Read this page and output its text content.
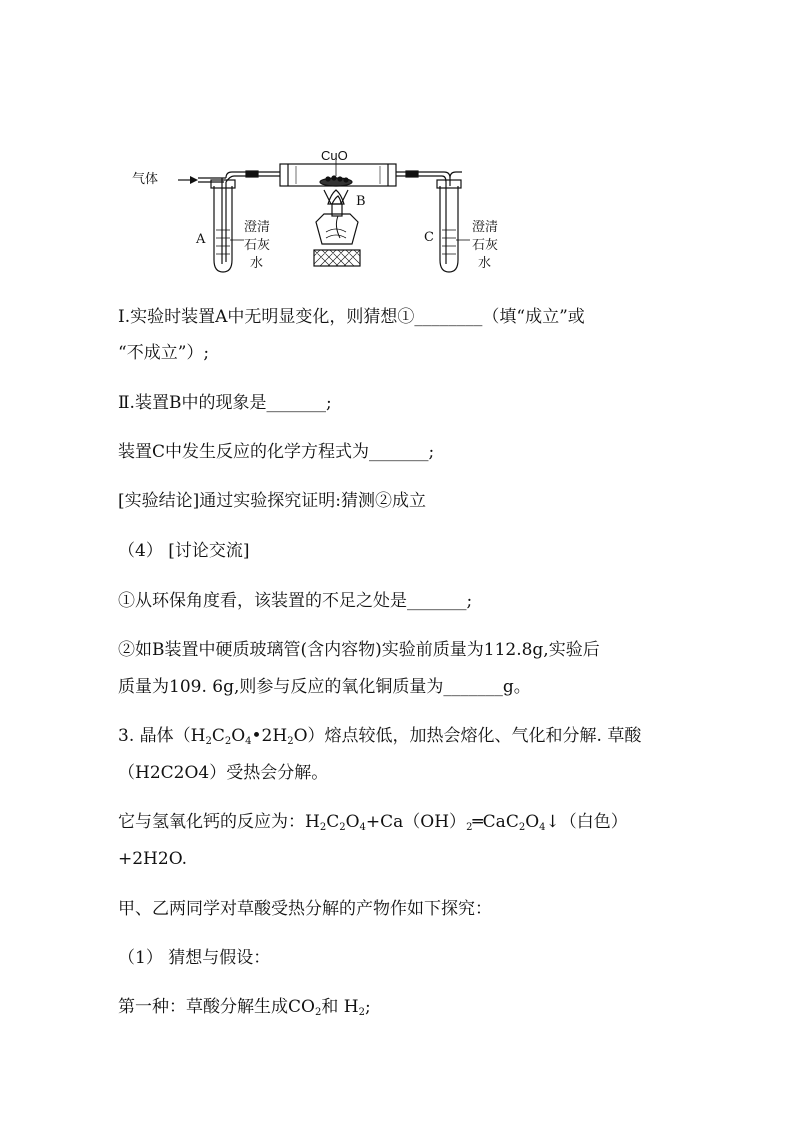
气体
CuO
A
B
C
澄清
石灰
水
澄清
石灰
水
I.实验时装置A中无明显变化，则猜想①________（填“成立”或
“不成立”）;
Ⅱ.装置B中的现象是_______;
装置C中发生反应的化学方程式为_______;
[实验结论]通过实验探究证明:猜测②成立
（4） [讨论交流]
①从环保角度看，该装置的不足之处是_______;
②如B装置中硬质玻璃管(含内容物)实验前质量为112.8g,实验后
质量为109. 6g,则参与反应的氧化铜质量为_______g。
3. 晶体$(H_2C_2O_4•2H_2O)$熔点较低，加热会熔化、气化和分解. 草酸
（H2C2O4）受热会分解。
它与氢氧化钙的反应为：$H_2C_2O_4+Ca(OH)_2═CaC_2O_4↓$（白色）
+2H2O.
甲、乙两同学对草酸受热分解的产物作如下探究：
（1） 猜想与假设：
第一种：草酸分解生成$CO_2$和 $H_2$;
